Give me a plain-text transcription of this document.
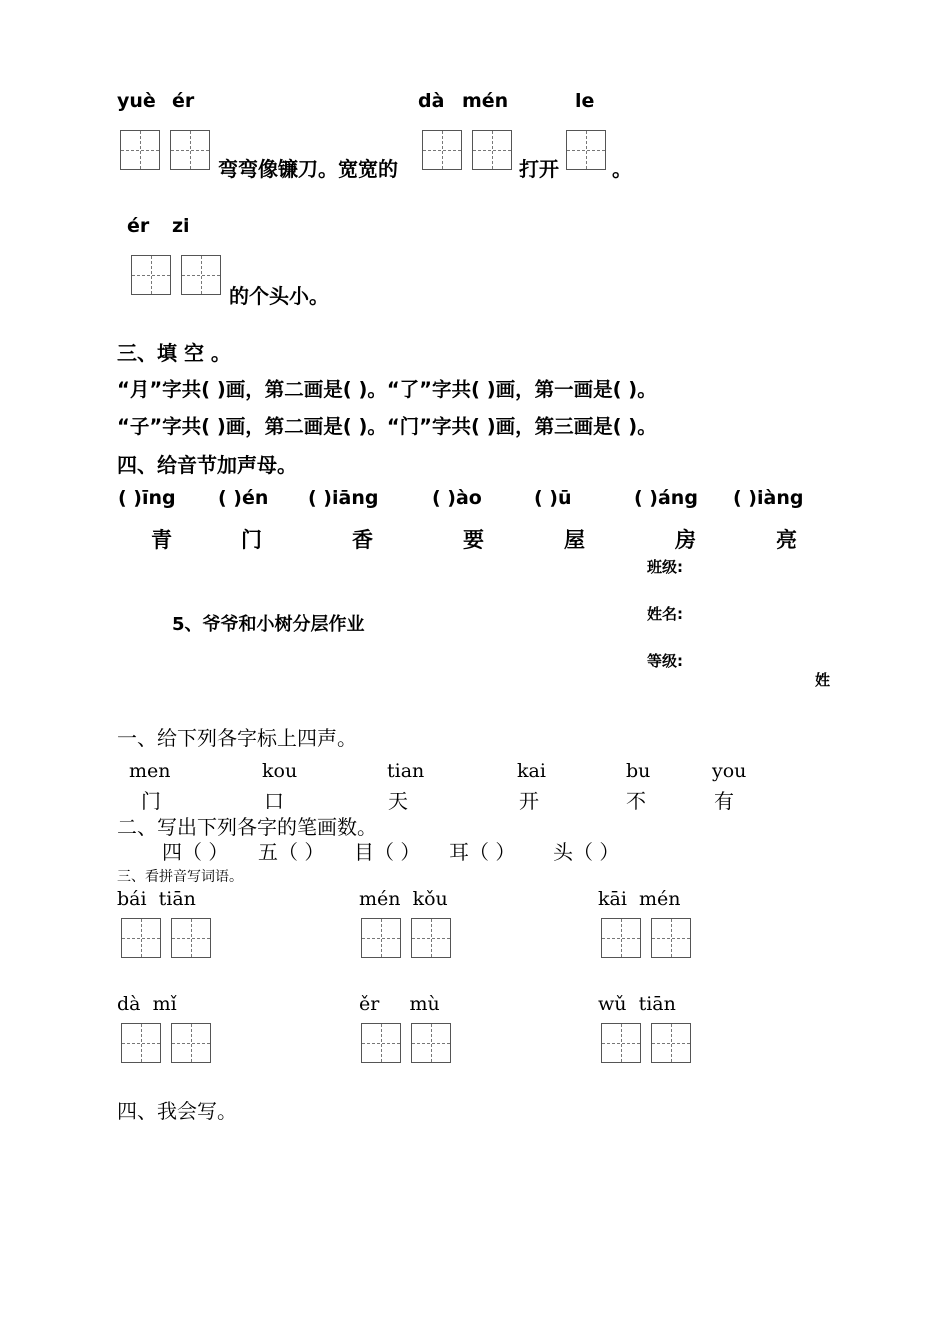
yuè ér	dà mén	le
弯弯像镰刀。宽宽的	打开	。
ér zi
的个头小。
三、填 空 。
“月”字共( )画，第二画是( )。“了”字共( )画，第一画是( )。
“子”字共( )画，第二画是( )。“门”字共( )画，第三画是( )。
四、给音节加声母。
( )īng ( )én ( )iāng	( )ào	( )ū	( )áng ( )iàng
青	门	香	要	屋	房	亮
班级:
5、爷爷和小树分层作业	姓名:
等级:
姓
一、给下列各字标上四声。
men	kou	tian	kai	bu	you
门	口	天	开	不	有
二、写出下列各字的笔画数。
四（ ） 五（ ） 目（ ） 耳（ ） 头（ ）
三、看拼音写词语。
bái  tiān	mén  kǒu	kāi  mén
dà  mǐ	ěr     mù	wǔ  tiān
四、我会写。
